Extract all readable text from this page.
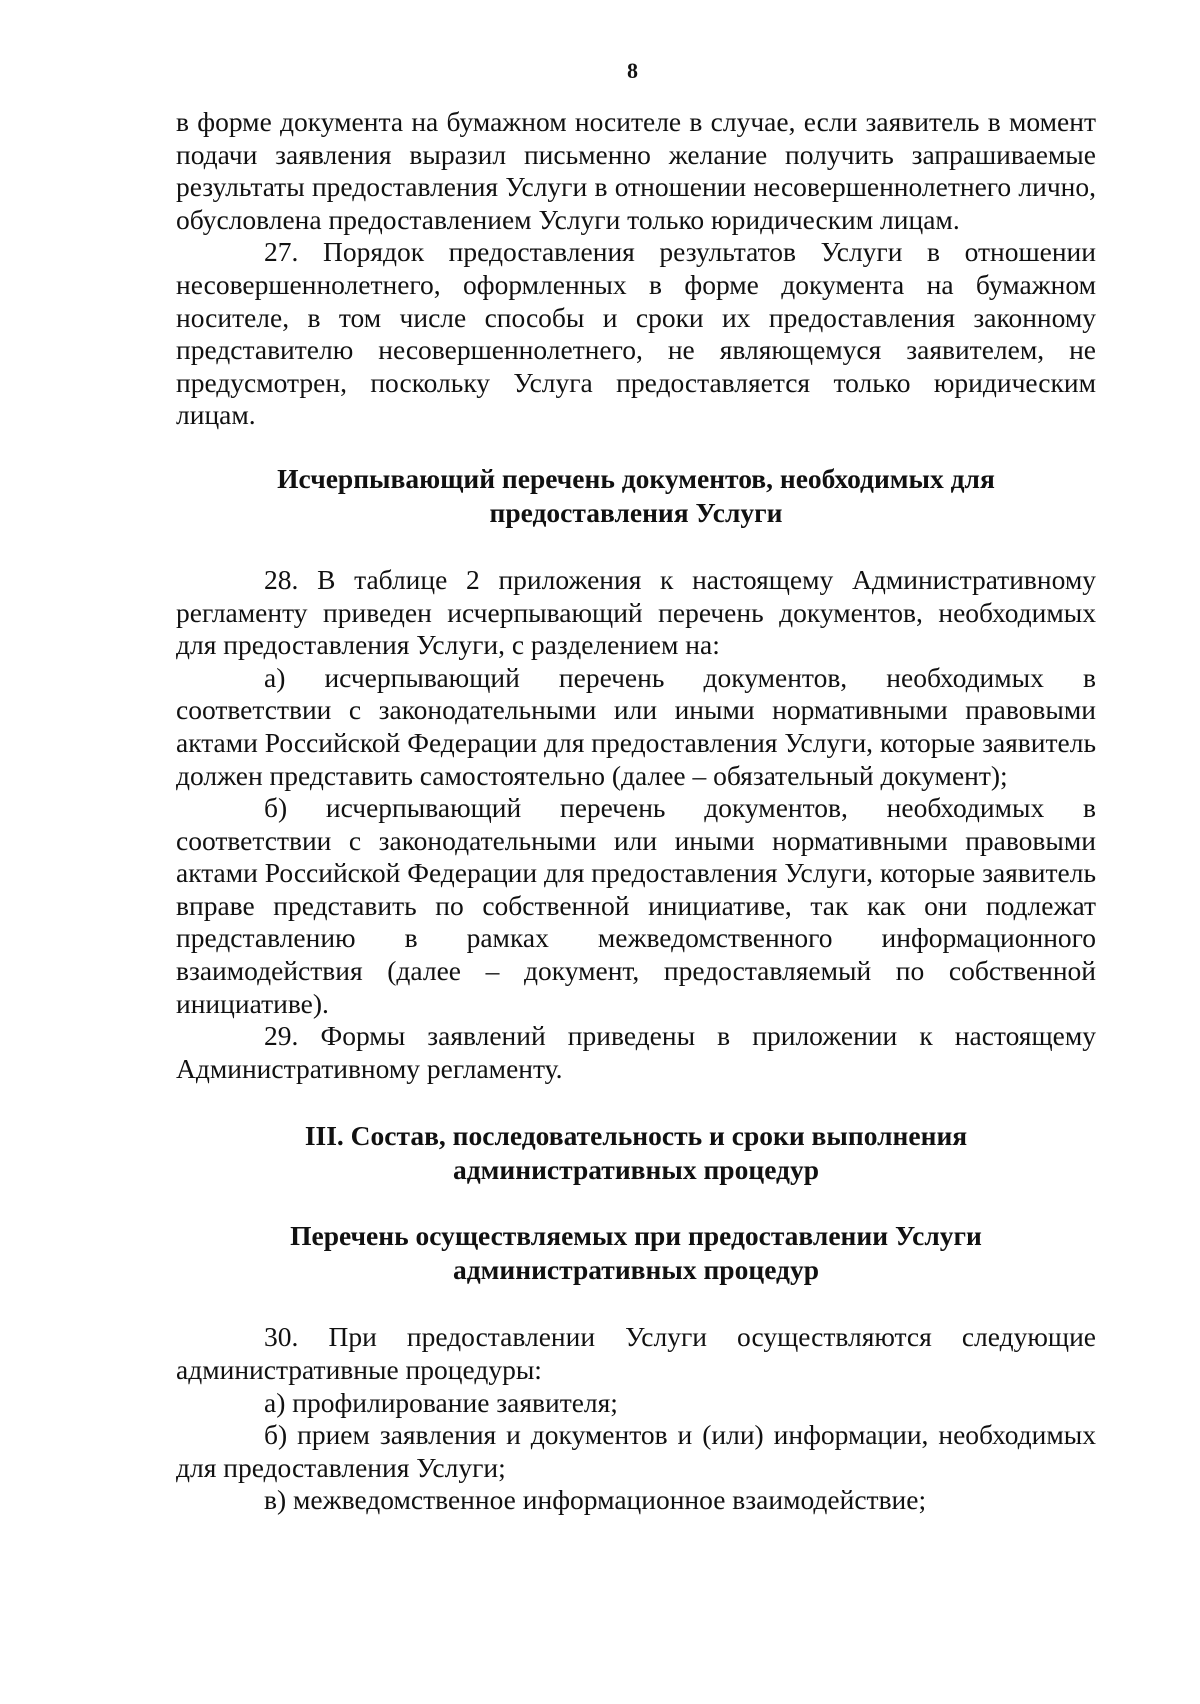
8

в форме документа на бумажном носителе в случае, если заявитель в момент подачи заявления выразил письменно желание получить запрашиваемые результаты предоставления Услуги в отношении несовершеннолетнего лично, обусловлена предоставлением Услуги только юридическим лицам.

27. Порядок предоставления результатов Услуги в отношении несовершеннолетнего, оформленных в форме документа на бумажном носителе, в том числе способы и сроки их предоставления законному представителю несовершеннолетнего, не являющемуся заявителем, не предусмотрен, поскольку Услуга предоставляется только юридическим лицам.

Исчерпывающий перечень документов, необходимых для
предоставления Услуги

28. В таблице 2 приложения к настоящему Административному регламенту приведен исчерпывающий перечень документов, необходимых для предоставления Услуги, с разделением на:

а) исчерпывающий перечень документов, необходимых в соответствии с законодательными или иными нормативными правовыми актами Российской Федерации для предоставления Услуги, которые заявитель должен представить самостоятельно (далее – обязательный документ);

б) исчерпывающий перечень документов, необходимых в соответствии с законодательными или иными нормативными правовыми актами Российской Федерации для предоставления Услуги, которые заявитель вправе представить по собственной инициативе, так как они подлежат представлению в рамках межведомственного информационного взаимодействия (далее – документ, предоставляемый по собственной инициативе).

29. Формы заявлений приведены в приложении к настоящему Административному регламенту.

III. Состав, последовательность и сроки выполнения
административных процедур
Перечень осуществляемых при предоставлении Услуги
административных процедур

30. При предоставлении Услуги осуществляются следующие административные процедуры:

а) профилирование заявителя;

б) прием заявления и документов и (или) информации, необходимых для предоставления Услуги;

в) межведомственное информационное взаимодействие;
